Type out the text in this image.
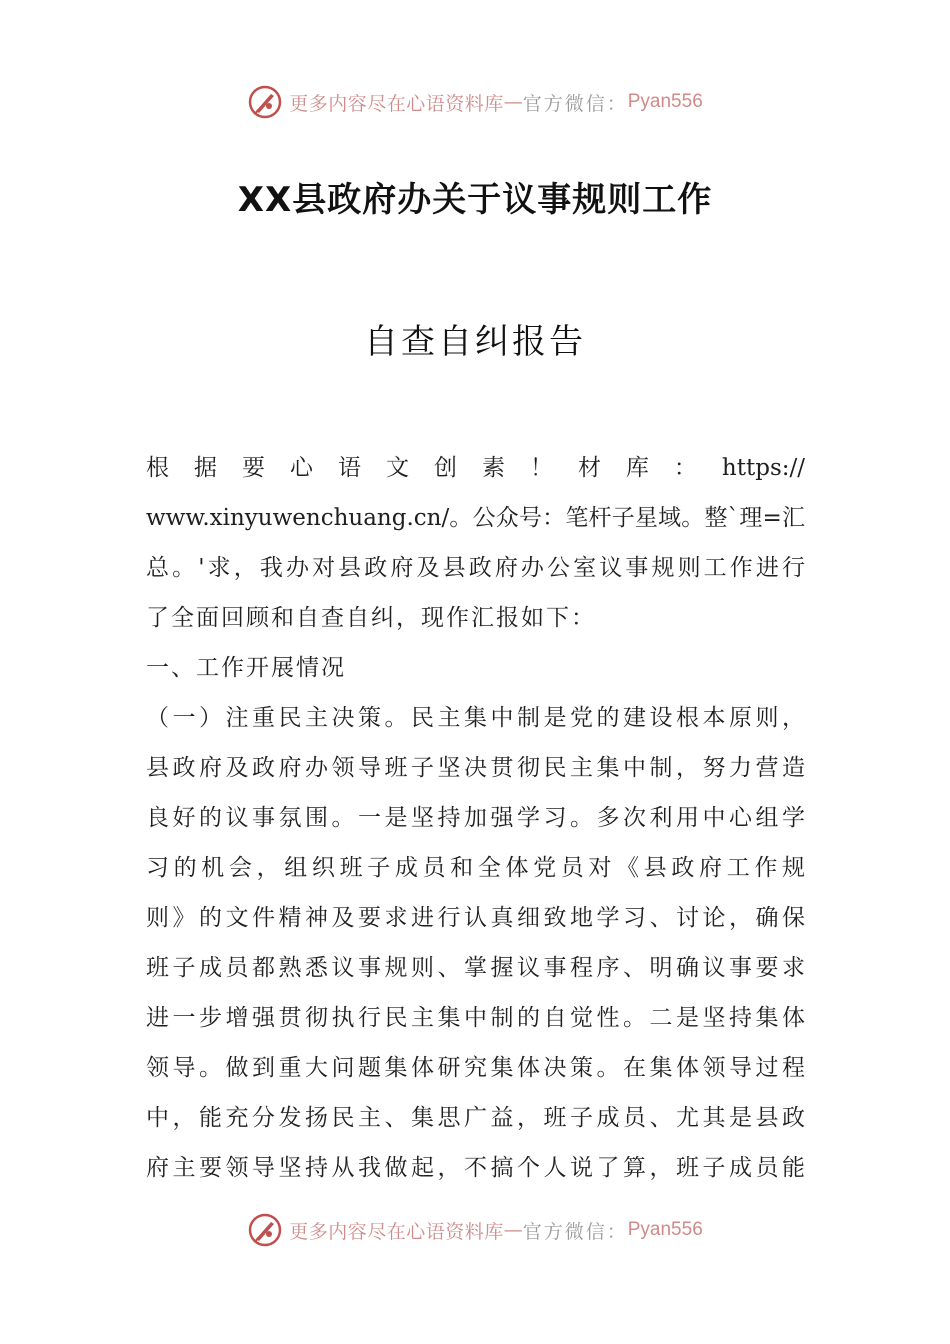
更多内容尽在心语资料库 — 官方微信： Pyan556
XX县政府办关于议事规则工作
自查自纠报告
根据要心语文创素！材库：https://
www.xinyuwenchuang.cn/。公众号：笔杆子星域。整`理=汇
总。'求，我办对县政府及县政府办公室议事规则工作进行
了全面回顾和自查自纠，现作汇报如下：
一、工作开展情况
（一）注重民主决策。民主集中制是党的建设根本原则，
县政府及政府办领导班子坚决贯彻民主集中制，努力营造
良好的议事氛围。一是坚持加强学习。多次利用中心组学
习的机会，组织班子成员和全体党员对《县政府工作规
则》的文件精神及要求进行认真细致地学习、讨论，确保
班子成员都熟悉议事规则、掌握议事程序、明确议事要求
进一步增强贯彻执行民主集中制的自觉性。二是坚持集体
领导。做到重大问题集体研究集体决策。在集体领导过程
中，能充分发扬民主、集思广益，班子成员、尤其是县政
府主要领导坚持从我做起，不搞个人说了算，班子成员能
更多内容尽在心语资料库 — 官方微信： Pyan556
